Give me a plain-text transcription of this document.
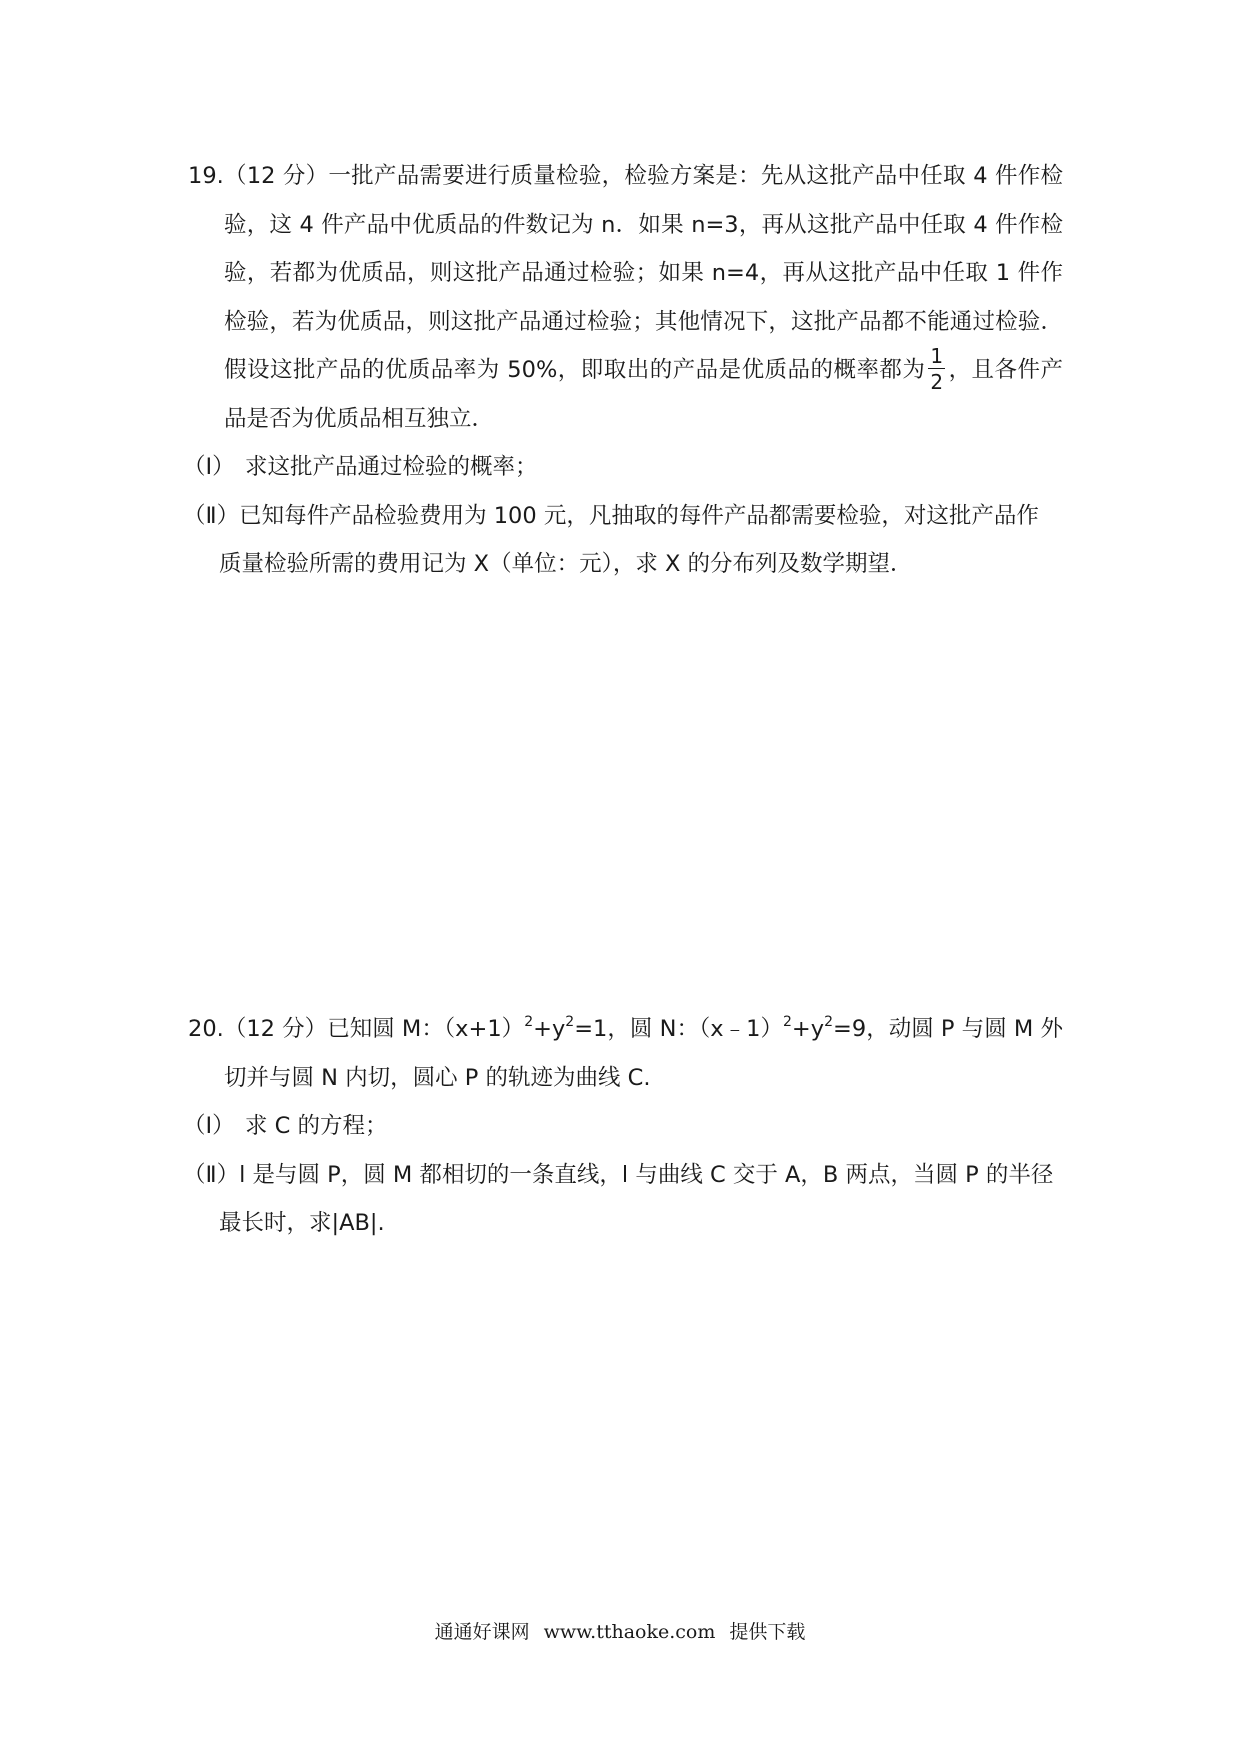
19.（12 分）一批产品需要进行质量检验，检验方案是：先从这批产品中任取 4 件作检验，这 4 件产品中优质品的件数记为 n．如果 n=3，再从这批产品中任取 4 件作检验，若都为优质品，则这批产品通过检验；如果 n=4，再从这批产品中任取 1 件作检验，若为优质品，则这批产品通过检验；其他情况下，这批产品都不能通过检验．假设这批产品的优质品率为 50%，即取出的产品是优质品的概率都为 $\frac{1}{2}$ ，且各件产品是否为优质品相互独立．

（Ⅰ） 求这批产品通过检验的概率；

（Ⅱ）已知每件产品检验费用为 100 元，凡抽取的每件产品都需要检验，对这批产品作质量检验所需的费用记为 X（单位：元），求 X 的分布列及数学期望．

20.（12 分）已知圆 M：$(x+1)^2+y^2=1$，圆 N：$(x﹣1)^2+y^2=9$，动圆 P 与圆 M 外切并与圆 N 内切，圆心 P 的轨迹为曲线 C.

（Ⅰ） 求 C 的方程；

（Ⅱ）l 是与圆 P，圆 M 都相切的一条直线，l 与曲线 C 交于 A，B 两点，当圆 P 的半径最长时，求|AB|.

通通好课网 www.tthaoke.com 提供下载
